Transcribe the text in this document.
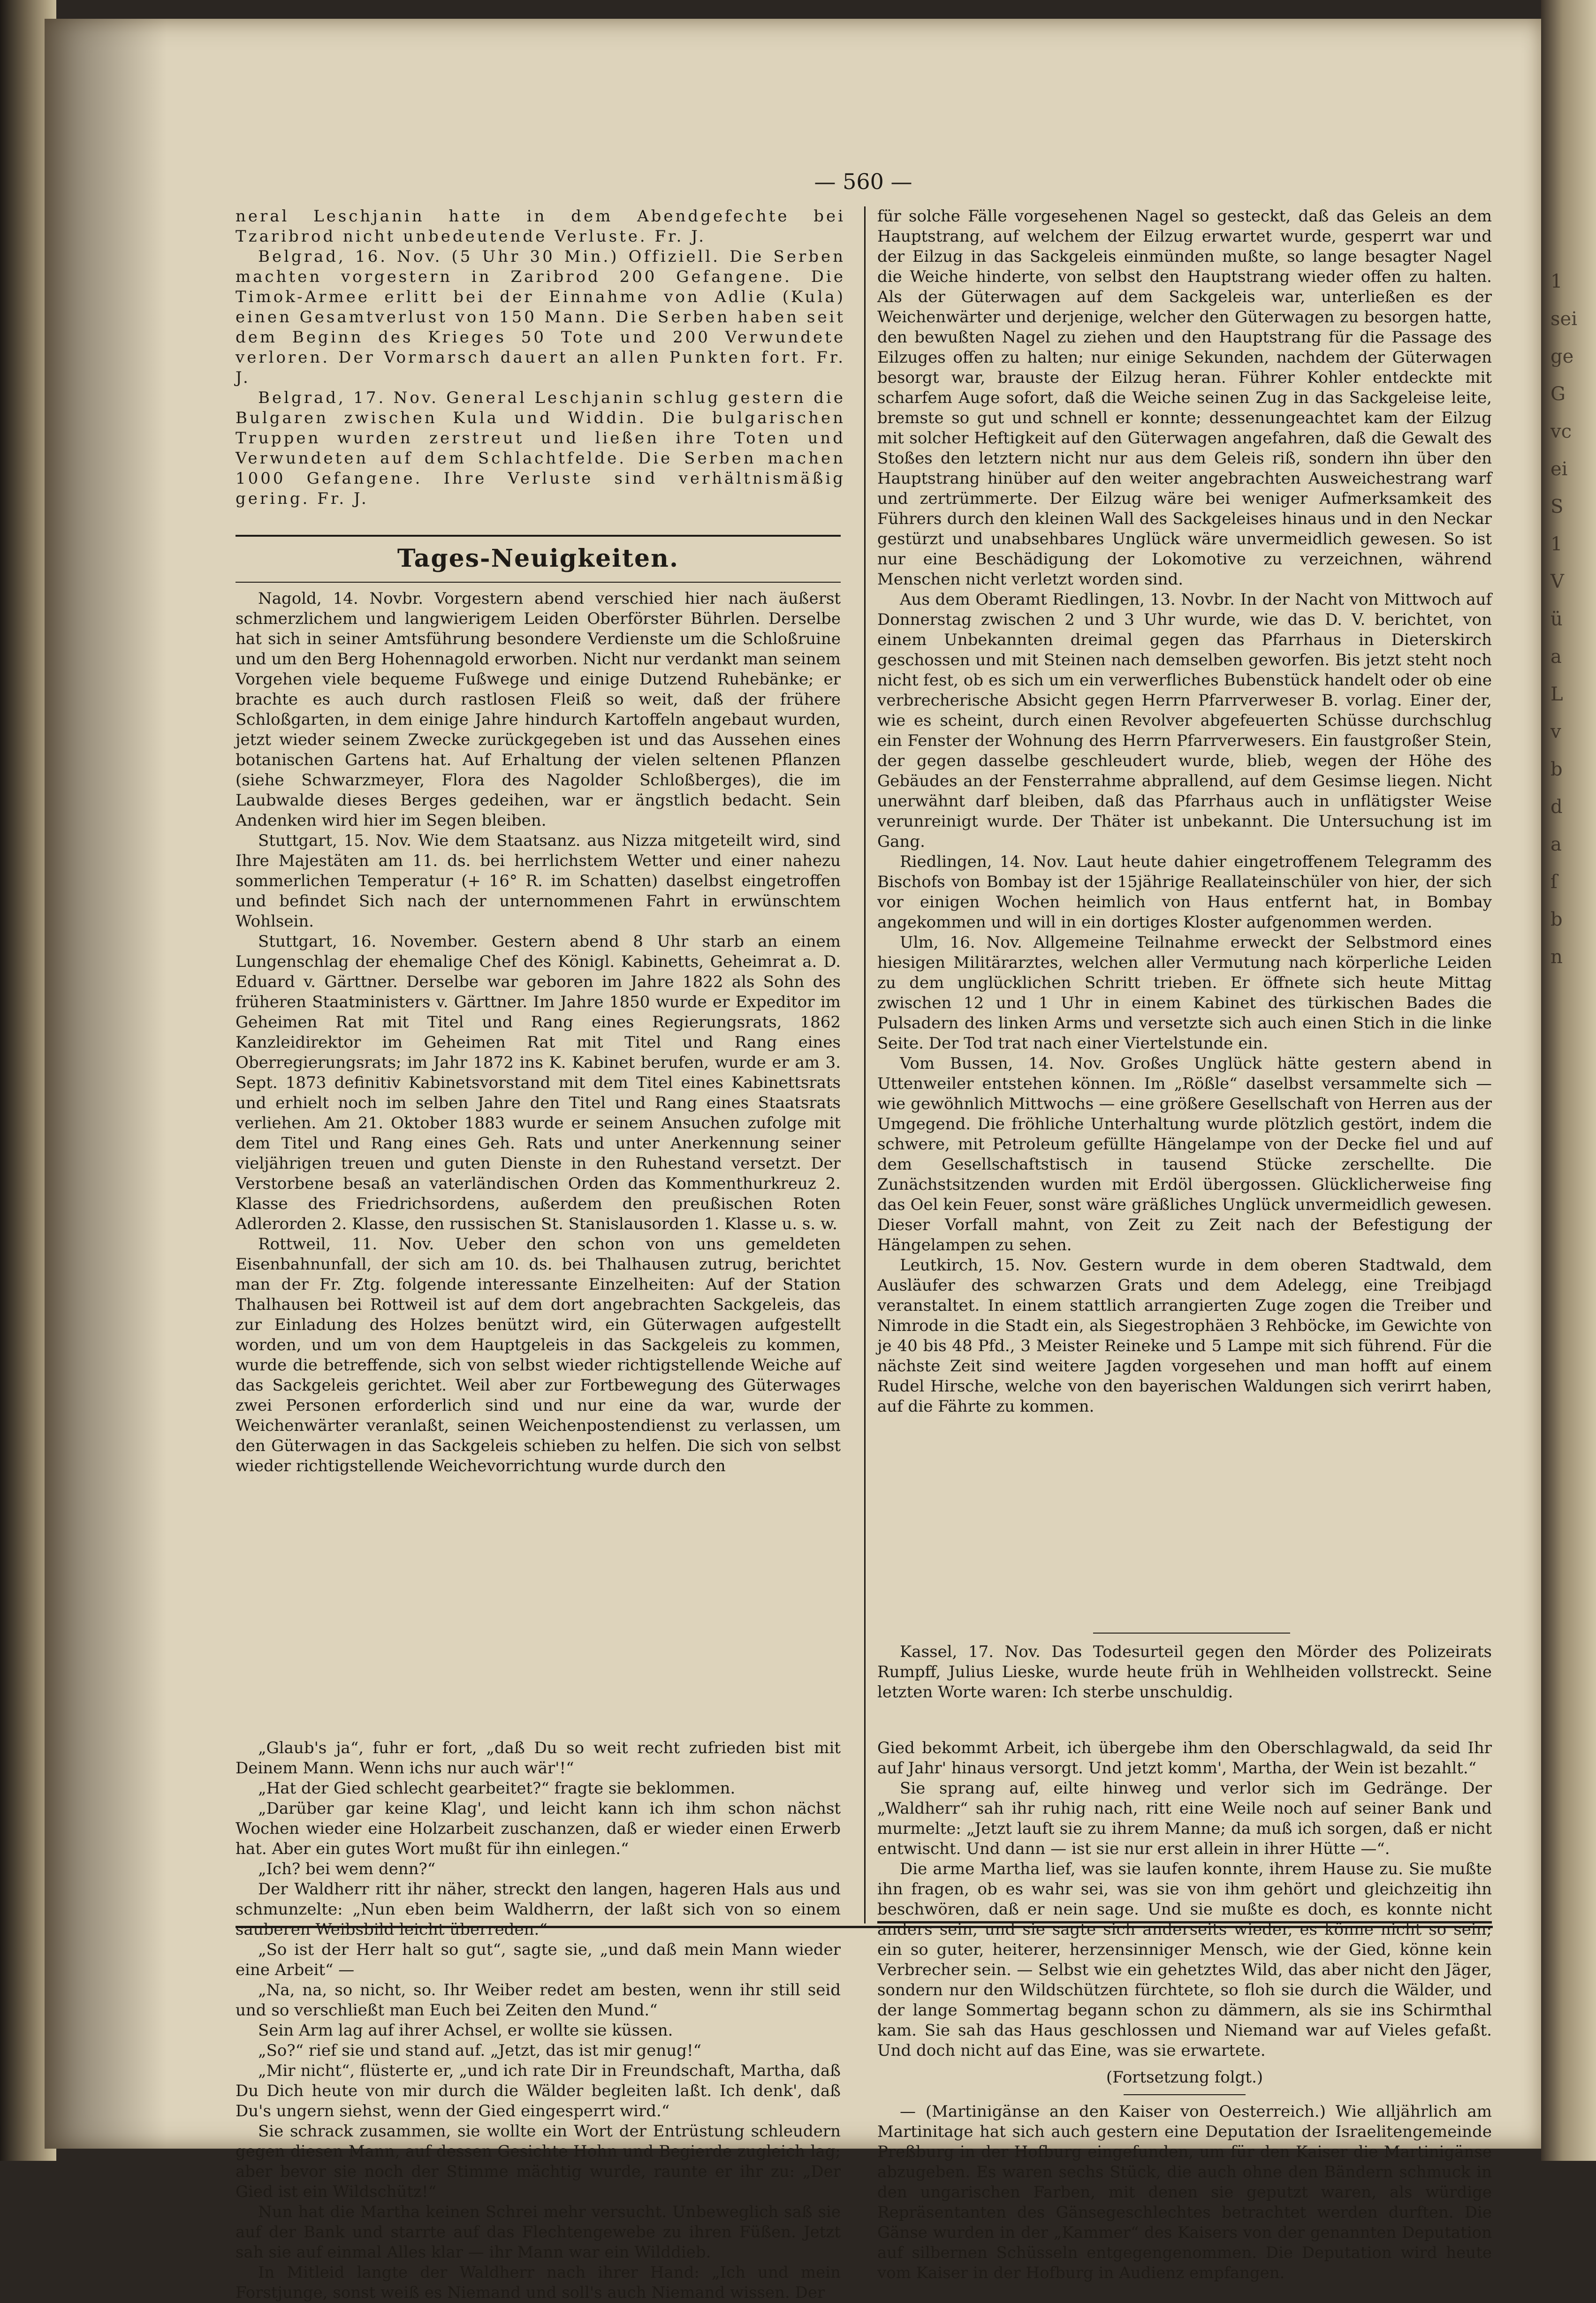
1
sei
ge
G
vc
ei
S
1
V
ü
a
L
v
b
d
a
ſ
b
n
— 560 —

neral Leschjanin hatte in dem Abendgefechte bei Tzaribrod nicht unbedeutende Verluste. Fr. J.

Belgrad, 16. Nov. (5 Uhr 30 Min.) Offiziell. Die Serben machten vorgestern in Zaribrod 200 Gefangene. Die Timok-Armee erlitt bei der Einnahme von Adlie (Kula) einen Gesamtverlust von 150 Mann. Die Serben haben seit dem Beginn des Krieges 50 Tote und 200 Verwundete verloren. Der Vormarsch dauert an allen Punkten fort. Fr. J.

Belgrad, 17. Nov. General Leschjanin schlug gestern die Bulgaren zwischen Kula und Widdin. Die bulgarischen Truppen wurden zerstreut und ließen ihre Toten und Verwundeten auf dem Schlachtfelde. Die Serben machen 1000 Gefangene. Ihre Verluste sind verhältnismäßig gering. Fr. J.

Tages-Neuigkeiten.

Nagold, 14. Novbr. Vorgestern abend verschied hier nach äußerst schmerzlichem und langwierigem Leiden Oberförster Bührlen. Derselbe hat sich in seiner Amtsführung besondere Verdienste um die Schloßruine und um den Berg Hohennagold erworben. Nicht nur verdankt man seinem Vorgehen viele bequeme Fußwege und einige Dutzend Ruhebänke; er brachte es auch durch rastlosen Fleiß so weit, daß der frühere Schloßgarten, in dem einige Jahre hindurch Kartoffeln angebaut wurden, jetzt wieder seinem Zwecke zurückgegeben ist und das Aussehen eines botanischen Gartens hat. Auf Erhaltung der vielen seltenen Pflanzen (siehe Schwarzmeyer, Flora des Nagolder Schloßberges), die im Laubwalde dieses Berges gedeihen, war er ängstlich bedacht. Sein Andenken wird hier im Segen bleiben.

Stuttgart, 15. Nov. Wie dem Staatsanz. aus Nizza mitgeteilt wird, sind Ihre Majestäten am 11. ds. bei herrlichstem Wetter und einer nahezu sommerlichen Temperatur (+ 16° R. im Schatten) daselbst eingetroffen und befindet Sich nach der unternommenen Fahrt in erwünschtem Wohlsein.

Stuttgart, 16. November. Gestern abend 8 Uhr starb an einem Lungenschlag der ehemalige Chef des Königl. Kabinetts, Geheimrat a. D. Eduard v. Gärttner. Derselbe war geboren im Jahre 1822 als Sohn des früheren Staatministers v. Gärttner. Im Jahre 1850 wurde er Expeditor im Geheimen Rat mit Titel und Rang eines Regierungsrats, 1862 Kanzleidirektor im Geheimen Rat mit Titel und Rang eines Oberregierungsrats; im Jahr 1872 ins K. Kabinet berufen, wurde er am 3. Sept. 1873 definitiv Kabinetsvorstand mit dem Titel eines Kabinettsrats und erhielt noch im selben Jahre den Titel und Rang eines Staatsrats verliehen. Am 21. Oktober 1883 wurde er seinem Ansuchen zufolge mit dem Titel und Rang eines Geh. Rats und unter Anerkennung seiner vieljährigen treuen und guten Dienste in den Ruhestand versetzt. Der Verstorbene besaß an vaterländischen Orden das Kommenthurkreuz 2. Klasse des Friedrichsordens, außerdem den preußischen Roten Adlerorden 2. Klasse, den russischen St. Stanislausorden 1. Klasse u. s. w.

Rottweil, 11. Nov. Ueber den schon von uns gemeldeten Eisenbahnunfall, der sich am 10. ds. bei Thalhausen zutrug, berichtet man der Fr. Ztg. folgende interessante Einzelheiten: Auf der Station Thalhausen bei Rottweil ist auf dem dort angebrachten Sackgeleis, das zur Einladung des Holzes benützt wird, ein Güterwagen aufgestellt worden, und um von dem Hauptgeleis in das Sackgeleis zu kommen, wurde die betreffende, sich von selbst wieder richtigstellende Weiche auf das Sackgeleis gerichtet. Weil aber zur Fortbewegung des Güterwages zwei Personen erforderlich sind und nur eine da war, wurde der Weichenwärter veranlaßt, seinen Weichenpostendienst zu verlassen, um den Güterwagen in das Sackgeleis schieben zu helfen. Die sich von selbst wieder richtigstellende Weichevorrichtung wurde durch den

für solche Fälle vorgesehenen Nagel so gesteckt, daß das Geleis an dem Hauptstrang, auf welchem der Eilzug erwartet wurde, gesperrt war und der Eilzug in das Sackgeleis einmünden mußte, so lange besagter Nagel die Weiche hinderte, von selbst den Hauptstrang wieder offen zu halten. Als der Güterwagen auf dem Sackgeleis war, unterließen es der Weichenwärter und derjenige, welcher den Güterwagen zu besorgen hatte, den bewußten Nagel zu ziehen und den Hauptstrang für die Passage des Eilzuges offen zu halten; nur einige Sekunden, nachdem der Güterwagen besorgt war, brauste der Eilzug heran. Führer Kohler entdeckte mit scharfem Auge sofort, daß die Weiche seinen Zug in das Sackgeleise leite, bremste so gut und schnell er konnte; dessenungeachtet kam der Eilzug mit solcher Heftigkeit auf den Güterwagen angefahren, daß die Gewalt des Stoßes den letztern nicht nur aus dem Geleis riß, sondern ihn über den Hauptstrang hinüber auf den weiter angebrachten Ausweichestrang warf und zertrümmerte. Der Eilzug wäre bei weniger Aufmerksamkeit des Führers durch den kleinen Wall des Sackgeleises hinaus und in den Neckar gestürzt und unabsehbares Unglück wäre unvermeidlich gewesen. So ist nur eine Beschädigung der Lokomotive zu verzeichnen, während Menschen nicht verletzt worden sind.

Aus dem Oberamt Riedlingen, 13. Novbr. In der Nacht von Mittwoch auf Donnerstag zwischen 2 und 3 Uhr wurde, wie das D. V. berichtet, von einem Unbekannten dreimal gegen das Pfarrhaus in Dieterskirch geschossen und mit Steinen nach demselben geworfen. Bis jetzt steht noch nicht fest, ob es sich um ein verwerfliches Bubenstück handelt oder ob eine verbrecherische Absicht gegen Herrn Pfarrverweser B. vorlag. Einer der, wie es scheint, durch einen Revolver abgefeuerten Schüsse durchschlug ein Fenster der Wohnung des Herrn Pfarrverwesers. Ein faustgroßer Stein, der gegen dasselbe geschleudert wurde, blieb, wegen der Höhe des Gebäudes an der Fensterrahme abprallend, auf dem Gesimse liegen. Nicht unerwähnt darf bleiben, daß das Pfarrhaus auch in unflätigster Weise verunreinigt wurde. Der Thäter ist unbekannt. Die Untersuchung ist im Gang.

Riedlingen, 14. Nov. Laut heute dahier eingetroffenem Telegramm des Bischofs von Bombay ist der 15jährige Reallateinschüler von hier, der sich vor einigen Wochen heimlich von Haus entfernt hat, in Bombay angekommen und will in ein dortiges Kloster aufgenommen werden.

Ulm, 16. Nov. Allgemeine Teilnahme erweckt der Selbstmord eines hiesigen Militärarztes, welchen aller Vermutung nach körperliche Leiden zu dem unglücklichen Schritt trieben. Er öffnete sich heute Mittag zwischen 12 und 1 Uhr in einem Kabinet des türkischen Bades die Pulsadern des linken Arms und versetzte sich auch einen Stich in die linke Seite. Der Tod trat nach einer Viertelstunde ein.

Vom Bussen, 14. Nov. Großes Unglück hätte gestern abend in Uttenweiler entstehen können. Im „Rößle“ daselbst versammelte sich — wie gewöhnlich Mittwochs — eine größere Gesellschaft von Herren aus der Umgegend. Die fröhliche Unterhaltung wurde plötzlich gestört, indem die schwere, mit Petroleum gefüllte Hängelampe von der Decke fiel und auf dem Gesellschaftstisch in tausend Stücke zerschellte. Die Zunächstsitzenden wurden mit Erdöl übergossen. Glücklicherweise fing das Oel kein Feuer, sonst wäre gräßliches Unglück unvermeidlich gewesen. Dieser Vorfall mahnt, von Zeit zu Zeit nach der Befestigung der Hängelampen zu sehen.

Leutkirch, 15. Nov. Gestern wurde in dem oberen Stadtwald, dem Ausläufer des schwarzen Grats und dem Adelegg, eine Treibjagd veranstaltet. In einem stattlich arrangierten Zuge zogen die Treiber und Nimrode in die Stadt ein, als Siegestrophäen 3 Rehböcke, im Gewichte von je 40 bis 48 Pfd., 3 Meister Reineke und 5 Lampe mit sich führend. Für die nächste Zeit sind weitere Jagden vorgesehen und man hofft auf einem Rudel Hirsche, welche von den bayerischen Waldungen sich verirrt haben, auf die Fährte zu kommen.

Kassel, 17. Nov. Das Todesurteil gegen den Mörder des Polizeirats Rumpff, Julius Lieske, wurde heute früh in Wehlheiden vollstreckt. Seine letzten Worte waren: Ich sterbe unschuldig.

„Glaub's ja“, fuhr er fort, „daß Du so weit recht zufrieden bist mit Deinem Mann. Wenn ichs nur auch wär'!“

„Hat der Gied schlecht gearbeitet?“ fragte sie beklommen.

„Darüber gar keine Klag', und leicht kann ich ihm schon nächst Wochen wieder eine Holzarbeit zuschanzen, daß er wieder einen Erwerb hat. Aber ein gutes Wort mußt für ihn einlegen.“

„Ich? bei wem denn?“

Der Waldherr ritt ihr näher, streckt den langen, hageren Hals aus und schmunzelte: „Nun eben beim Waldherrn, der laßt sich von so einem sauberen Weibsbild leicht überreden.“

„So ist der Herr halt so gut“, sagte sie, „und daß mein Mann wieder eine Arbeit“ —

„Na, na, so nicht, so. Ihr Weiber redet am besten, wenn ihr still seid und so verschließt man Euch bei Zeiten den Mund.“

Sein Arm lag auf ihrer Achsel, er wollte sie küssen.

„So?“ rief sie und stand auf. „Jetzt, das ist mir genug!“

„Mir nicht“, flüsterte er, „und ich rate Dir in Freundschaft, Martha, daß Du Dich heute von mir durch die Wälder begleiten laßt. Ich denk', daß Du's ungern siehst, wenn der Gied eingesperrt wird.“

Sie schrack zusammen, sie wollte ein Wort der Entrüstung schleudern gegen diesen Mann, auf dessen Gesichte Hohn und Begierde zugleich lag; aber bevor sie noch der Stimme mächtig wurde, raunte er ihr zu: „Der Gied ist ein Wildschütz!“

Nun hat die Martha keinen Schrei mehr versucht. Unbeweglich saß sie auf der Bank und starrte auf das Flechtengewebe zu ihren Füßen. Jetzt sah sie auf einmal Alles klar — ihr Mann war ein Wilddieb.

In Mitleid langte der Waldherr nach ihrer Hand: „Ich und mein Forstjunge, sonst weiß es Niemand und soll's auch Niemand wissen. Der

Gied bekommt Arbeit, ich übergebe ihm den Oberschlagwald, da seid Ihr auf Jahr' hinaus versorgt. Und jetzt komm', Martha, der Wein ist bezahlt.“

Sie sprang auf, eilte hinweg und verlor sich im Gedränge. Der „Waldherr“ sah ihr ruhig nach, ritt eine Weile noch auf seiner Bank und murmelte: „Jetzt lauft sie zu ihrem Manne; da muß ich sorgen, daß er nicht entwischt. Und dann — ist sie nur erst allein in ihrer Hütte —“.

Die arme Martha lief, was sie laufen konnte, ihrem Hause zu. Sie mußte ihn fragen, ob es wahr sei, was sie von ihm gehört und gleichzeitig ihn beschwören, daß er nein sage. Und sie mußte es doch, es konnte nicht anders sein, und sie sagte sich anderseits wieder, es könne nicht so sein; ein so guter, heiterer, herzensinniger Mensch, wie der Gied, könne kein Verbrecher sein. — Selbst wie ein gehetztes Wild, das aber nicht den Jäger, sondern nur den Wildschützen fürchtete, so floh sie durch die Wälder, und der lange Sommertag begann schon zu dämmern, als sie ins Schirmthal kam. Sie sah das Haus geschlossen und Niemand war auf Vieles gefaßt. Und doch nicht auf das Eine, was sie erwartete.

(Fortsetzung folgt.)

— (Martinigänse an den Kaiser von Oesterreich.) Wie alljährlich am Martinitage hat sich auch gestern eine Deputation der Israelitengemeinde Preßburg in der Hofburg eingefunden, um für den Kaiser die Martinigänse abzugeben. Es waren sechs Stück, die auch ohne den Bändern schmuck in den ungarischen Farben, mit denen sie geputzt waren, als würdige Repräsentanten des Gänsegeschlechtes betrachtet werden durften. Die Gänse wurden in der „Kammer“ des Kaisers von der genannten Deputation auf silbernen Schüsseln entgegengenommen. Die Deputation wird heute vom Kaiser in der Hofburg in Audienz empfangen.
